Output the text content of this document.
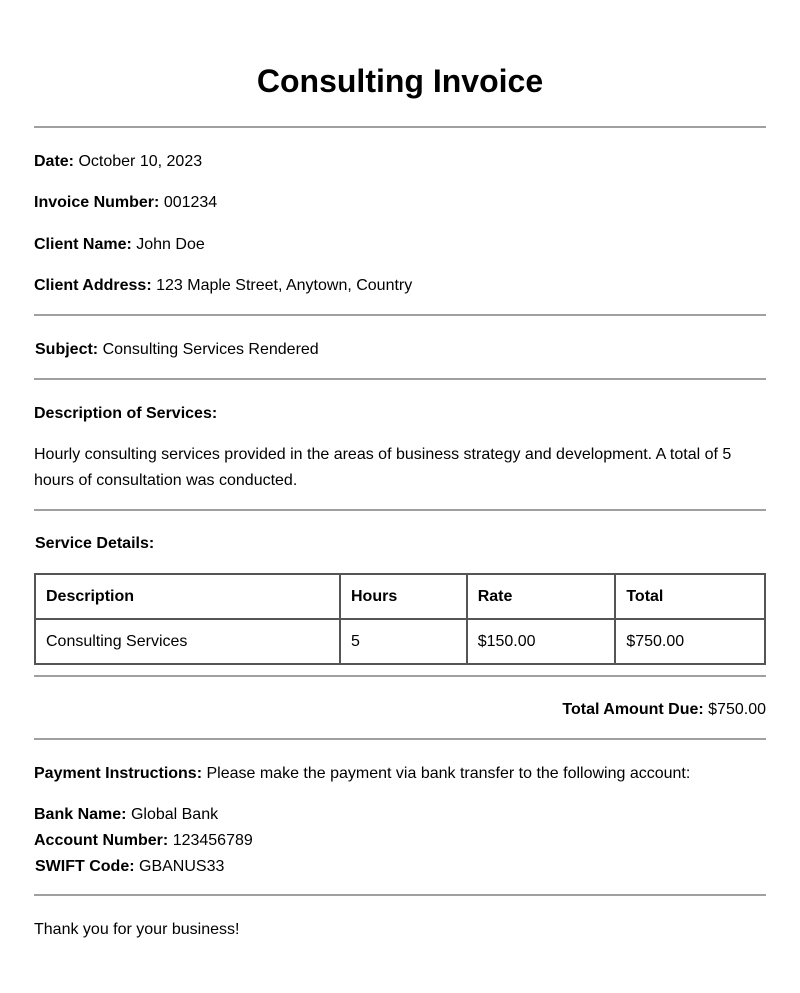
Consulting Invoice
Date: October 10, 2023
Invoice Number: 001234
Client Name: John Doe
Client Address: 123 Maple Street, Anytown, Country
Subject: Consulting Services Rendered
Description of Services:
Hourly consulting services provided in the areas of business strategy and development. A total of 5 hours of consultation was conducted.
Service Details:
Description	Hours	Rate	Total
Consulting Services	5	$150.00	$750.00
Total Amount Due: $750.00
Payment Instructions: Please make the payment via bank transfer to the following account:
Bank Name: Global Bank
Account Number: 123456789
SWIFT Code: GBANUS33
Thank you for your business!
